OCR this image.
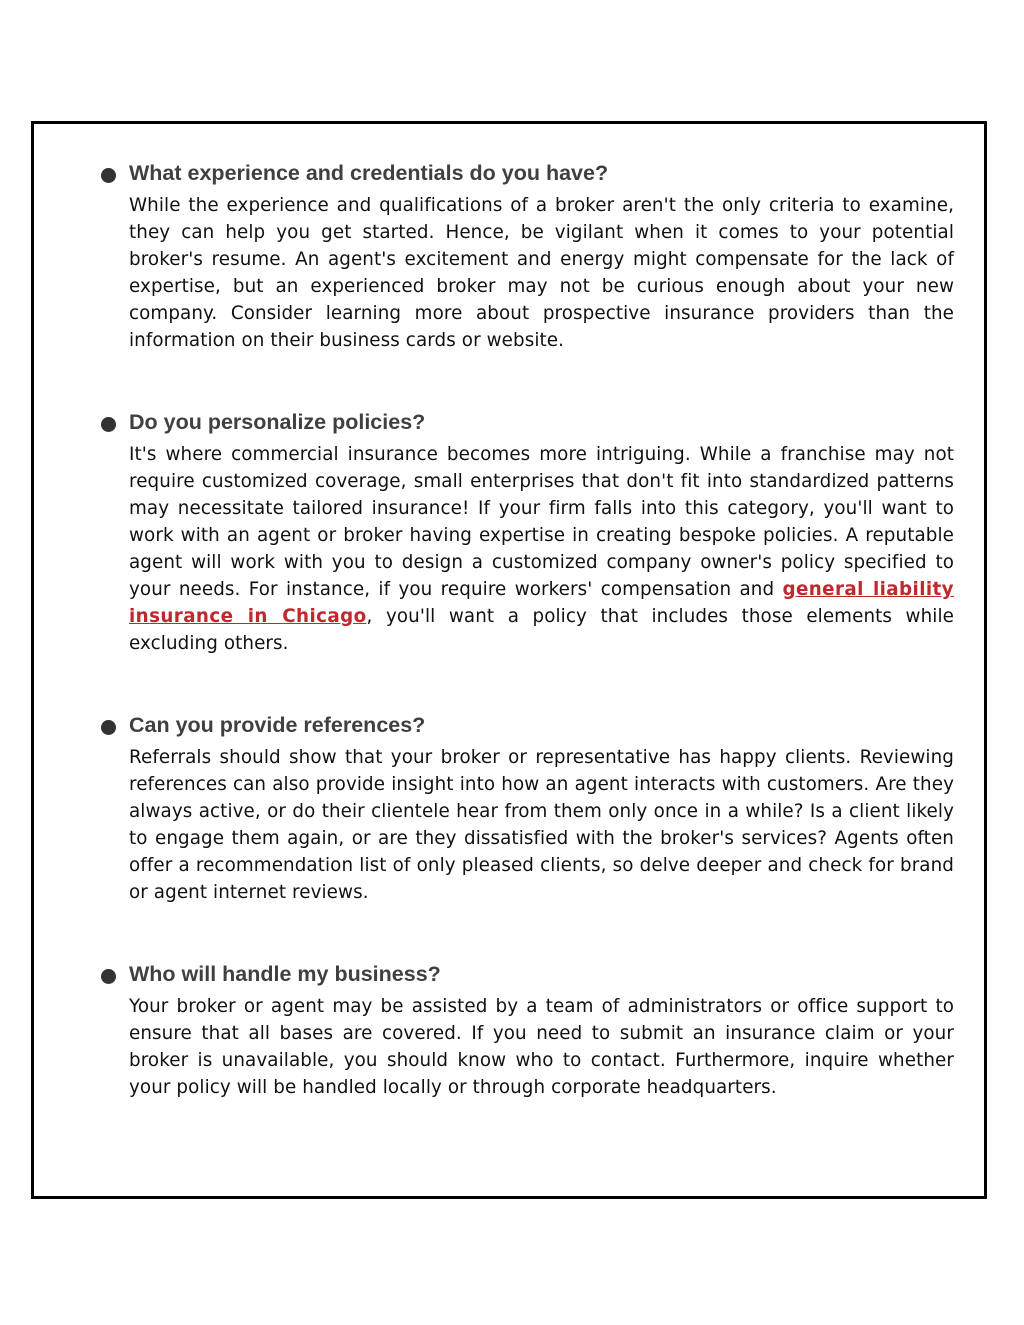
What experience and credentials do you have?

While the experience and qualifications of a broker aren't the only criteria to examine, they can help you get started. Hence, be vigilant when it comes to your potential broker's resume. An agent's excitement and energy might compensate for the lack of expertise, but an experienced broker may not be curious enough about your new company. Consider learning more about prospective insurance providers than the information on their business cards or website.

Do you personalize policies?

It's where commercial insurance becomes more intriguing. While a franchise may not require customized coverage, small enterprises that don't fit into standardized patterns may necessitate tailored insurance! If your firm falls into this category, you'll want to work with an agent or broker having expertise in creating bespoke policies. A reputable agent will work with you to design a customized company owner's policy specified to your needs. For instance, if you require workers' compensation and general liability insurance in Chicago, you'll want a policy that includes those elements while excluding others.

Can you provide references?

Referrals should show that your broker or representative has happy clients. Reviewing references can also provide insight into how an agent interacts with customers. Are they always active, or do their clientele hear from them only once in a while? Is a client likely to engage them again, or are they dissatisfied with the broker's services? Agents often offer a recommendation list of only pleased clients, so delve deeper and check for brand or agent internet reviews.

Who will handle my business?

Your broker or agent may be assisted by a team of administrators or office support to ensure that all bases are covered. If you need to submit an insurance claim or your broker is unavailable, you should know who to contact. Furthermore, inquire whether your policy will be handled locally or through corporate headquarters.
